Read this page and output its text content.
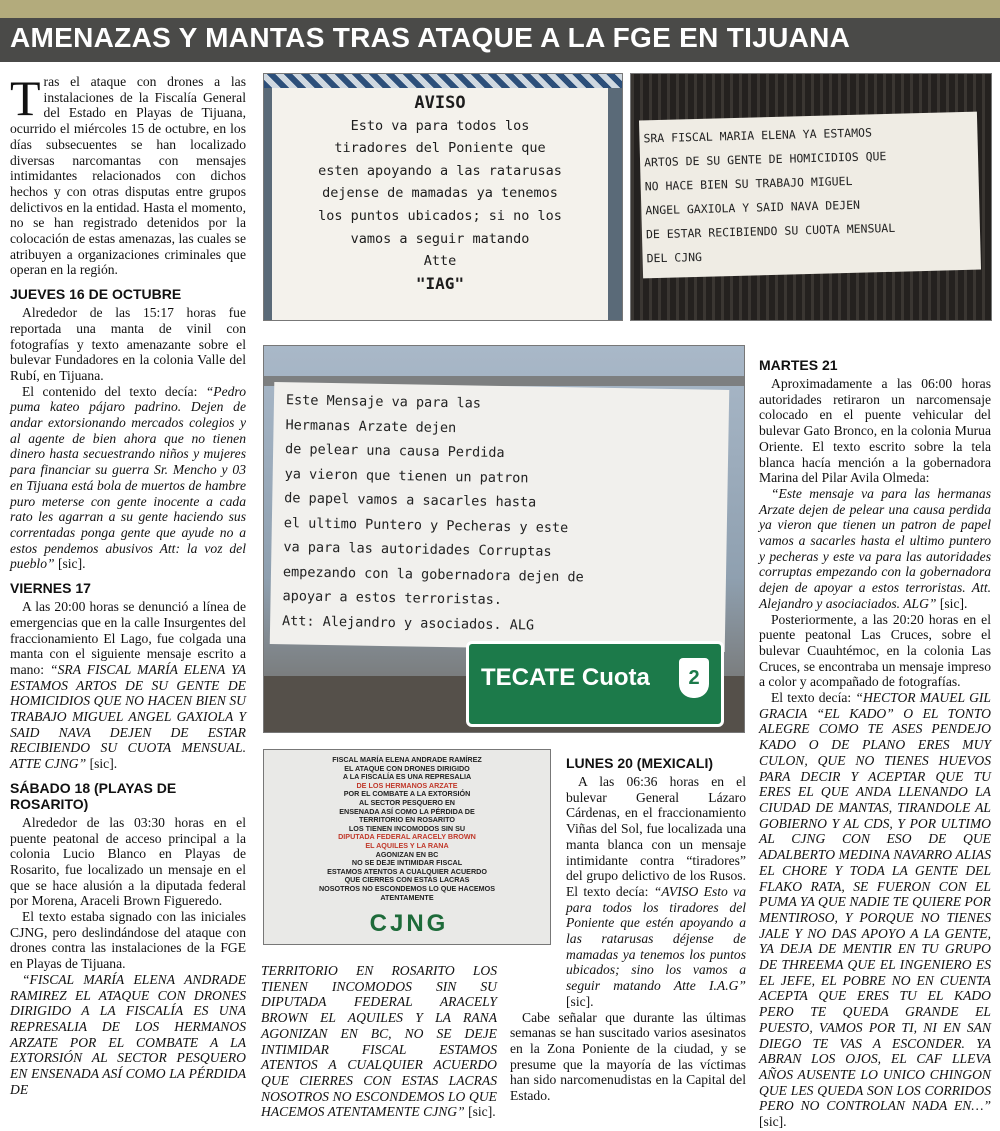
AMENAZAS Y MANTAS TRAS ATAQUE A LA FGE EN TIJUANA

Tras el ataque con drones a las instalaciones de la Fiscalía General del Estado en Playas de Tijuana, ocurrido el miércoles 15 de octubre, en los días subsecuentes se han localizado diversas narcomantas con mensajes intimidantes relacionados con dichos hechos y con otras disputas entre grupos delictivos en la entidad. Hasta el momento, no se han registrado detenidos por la colocación de estas amenazas, las cuales se atribuyen a organizaciones criminales que operan en la región.

JUEVES 16 DE OCTUBRE

Alrededor de las 15:17 horas fue reportada una manta de vinil con fotografías y texto amenazante sobre el bulevar Fundadores en la colonia Valle del Rubí, en Tijuana.

El contenido del texto decía: “Pedro puma kateo pájaro padrino. Dejen de andar extorsionando mercados colegios y al agente de bien ahora que no tienen dinero hasta secuestrando niños y mujeres para financiar su guerra Sr. Mencho y 03 en Tijuana está bola de muertos de hambre puro meterse con gente inocente a cada rato les agarran a su gente haciendo sus correntadas ponga gente que ayude no a estos pendemos abusivos Att: la voz del pueblo” [sic].

VIERNES 17

A las 20:00 horas se denunció a línea de emergencias que en la calle Insurgentes del fraccionamiento El Lago, fue colgada una manta con el siguiente mensaje escrito a mano: “SRA FISCAL MARÍA ELENA YA ESTAMOS ARTOS DE SU GENTE DE HOMICIDIOS QUE NO HACEN BIEN SU TRABAJO MIGUEL ANGEL GAXIOLA Y SAID NAVA DEJEN DE ESTAR RECIBIENDO SU CUOTA MENSUAL. ATTE CJNG” [sic].

SÁBADO 18 (PLAYAS DE ROSARITO)

Alrededor de las 03:30 horas en el puente peatonal de acceso principal a la colonia Lucio Blanco en Playas de Rosarito, fue localizado un mensaje en el que se hace alusión a la diputada federal por Morena, Araceli Brown Figueredo.

El texto estaba signado con las iniciales CJNG, pero deslindándose del ataque con drones contra las instalaciones de la FGE en Playas de Tijuana.

“FISCAL MARÍA ELENA ANDRADE RAMIREZ EL ATAQUE CON DRONES DIRIGIDO A LA FISCALÍA ES UNA REPRESALIA DE LOS HERMANOS ARZATE POR EL COMBATE A LA EXTORSIÓN AL SECTOR PESQUERO EN ENSENADA ASÍ COMO LA PÉRDIDA DE

AVISO
Esto va para todos los
tiradores del Poniente que
esten apoyando a las ratarusas
dejense de mamadas ya tenemos
los puntos ubicados; si no los
vamos a seguir matando
Atte
"IAG"
SRA FISCAL MARIA ELENA YA ESTAMOS
ARTOS DE SU GENTE DE HOMICIDIOS QUE
NO HACE BIEN SU TRABAJO MIGUEL
ANGEL GAXIOLA Y SAID NAVA DEJEN
DE ESTAR RECIBIENDO SU CUOTA MENSUAL
DEL CJNG
Este Mensaje va para las
Hermanas Arzate dejen
de pelear una causa Perdida
ya vieron que tienen un patron
de papel vamos a sacarles hasta
el ultimo Puntero y Pecheras y este
va para las autoridades Corruptas
empezando con la gobernadora dejen de
apoyar a estos terroristas.
Att: Alejandro y asociados. ALG
TECATE Cuota	2
FISCAL MARÍA ELENA ANDRADE RAMÍREZ
EL ATAQUE CON DRONES DIRIGIDO
A LA FISCALÍA ES UNA REPRESALIA
DE LOS HERMANOS ARZATE
POR EL COMBATE A LA EXTORSIÓN
AL SECTOR PESQUERO EN
ENSENADA ASÍ COMO LA PÉRDIDA DE
TERRITORIO EN ROSARITO
LOS TIENEN INCOMODOS SIN SU
DIPUTADA FEDERAL ARACELY BROWN
EL AQUILES Y LA RANA
AGONIZAN EN BC
NO SE DEJE INTIMIDAR FISCAL
ESTAMOS ATENTOS A CUALQUIER ACUERDO
QUE CIERRES CON ESTAS LACRAS
NOSOTROS NO ESCONDEMOS LO QUE HACEMOS
ATENTAMENTE
CJNG

TERRITORIO EN ROSARITO LOS TIENEN INCOMODOS SIN SU DIPUTADA FEDERAL ARACELY BROWN EL AQUILES Y LA RANA AGONIZAN EN BC, NO SE DEJE INTIMIDAR FISCAL ESTAMOS ATENTOS A CUALQUIER ACUERDO QUE CIERRES CON ESTAS LACRAS NOSOTROS NO ESCONDEMOS LO QUE HACEMOS ATENTAMENTE CJNG” [sic].

LUNES 20 (MEXICALI)

A las 06:36 horas en el bulevar General Lázaro Cárdenas, en el fraccionamiento Viñas del Sol, fue localizada una manta blanca con un mensaje intimidante contra “tiradores” del grupo delictivo de los Rusos. El texto decía: “AVISO Esto va para todos los tiradores del Poniente que estén apoyando a las ratarusas déjense de mamadas ya tenemos los puntos ubicados; sino los vamos a seguir matando Atte I.A.G” [sic].

Cabe señalar que durante las últimas semanas se han suscitado varios asesinatos en la Zona Poniente de la ciudad, y se presume que la mayoría de las víctimas han sido narcomenudistas en la Capital del Estado.

MARTES 21

Aproximadamente a las 06:00 horas autoridades retiraron un narcomensaje colocado en el puente vehicular del bulevar Gato Bronco, en la colonia Murua Oriente. El texto escrito sobre la tela blanca hacía mención a la gobernadora Marina del Pilar Avila Olmeda:

“Este mensaje va para las hermanas Arzate dejen de pelear una causa perdida ya vieron que tienen un patron de papel vamos a sacarles hasta el ultimo puntero y pecheras y este va para las autoridades corruptas empezando con la gobernadora dejen de apoyar a estos terroristas. Att. Alejandro y asociaciados. ALG” [sic].

Posteriormente, a las 20:20 horas en el puente peatonal Las Cruces, sobre el bulevar Cuauhtémoc, en la colonia Las Cruces, se encontraba un mensaje impreso a color y acompañado de fotografías.

El texto decía: “HECTOR MAUEL GIL GRACIA “EL KADO” O EL TONTO ALEGRE COMO TE ASES PENDEJO KADO O DE PLANO ERES MUY CULON, QUE NO TIENES HUEVOS PARA DECIR Y ACEPTAR QUE TU ERES EL QUE ANDA LLENANDO LA CIUDAD DE MANTAS, TIRANDOLE AL GOBIERNO Y AL CDS, Y POR ULTIMO AL CJNG CON ESO DE QUE ADALBERTO MEDINA NAVARRO ALIAS EL CHORE Y TODA LA GENTE DEL FLAKO RATA, SE FUERON CON EL PUMA YA QUE NADIE TE QUIERE POR MENTIROSO, Y PORQUE NO TIENES JALE Y NO DAS APOYO A LA GENTE, YA DEJA DE MENTIR EN TU GRUPO DE THREEMA QUE EL INGENIERO ES EL JEFE, EL POBRE NO EN CUENTA ACEPTA QUE ERES TU EL KADO PERO TE QUEDA GRANDE EL PUESTO, VAMOS POR TI, NI EN SAN DIEGO TE VAS A ESCONDER. YA ABRAN LOS OJOS, EL CAF LLEVA AÑOS AUSENTE LO UNICO CHINGON QUE LES QUEDA SON LOS CORRIDOS PERO NO CONTROLAN NADA EN…” [sic].
